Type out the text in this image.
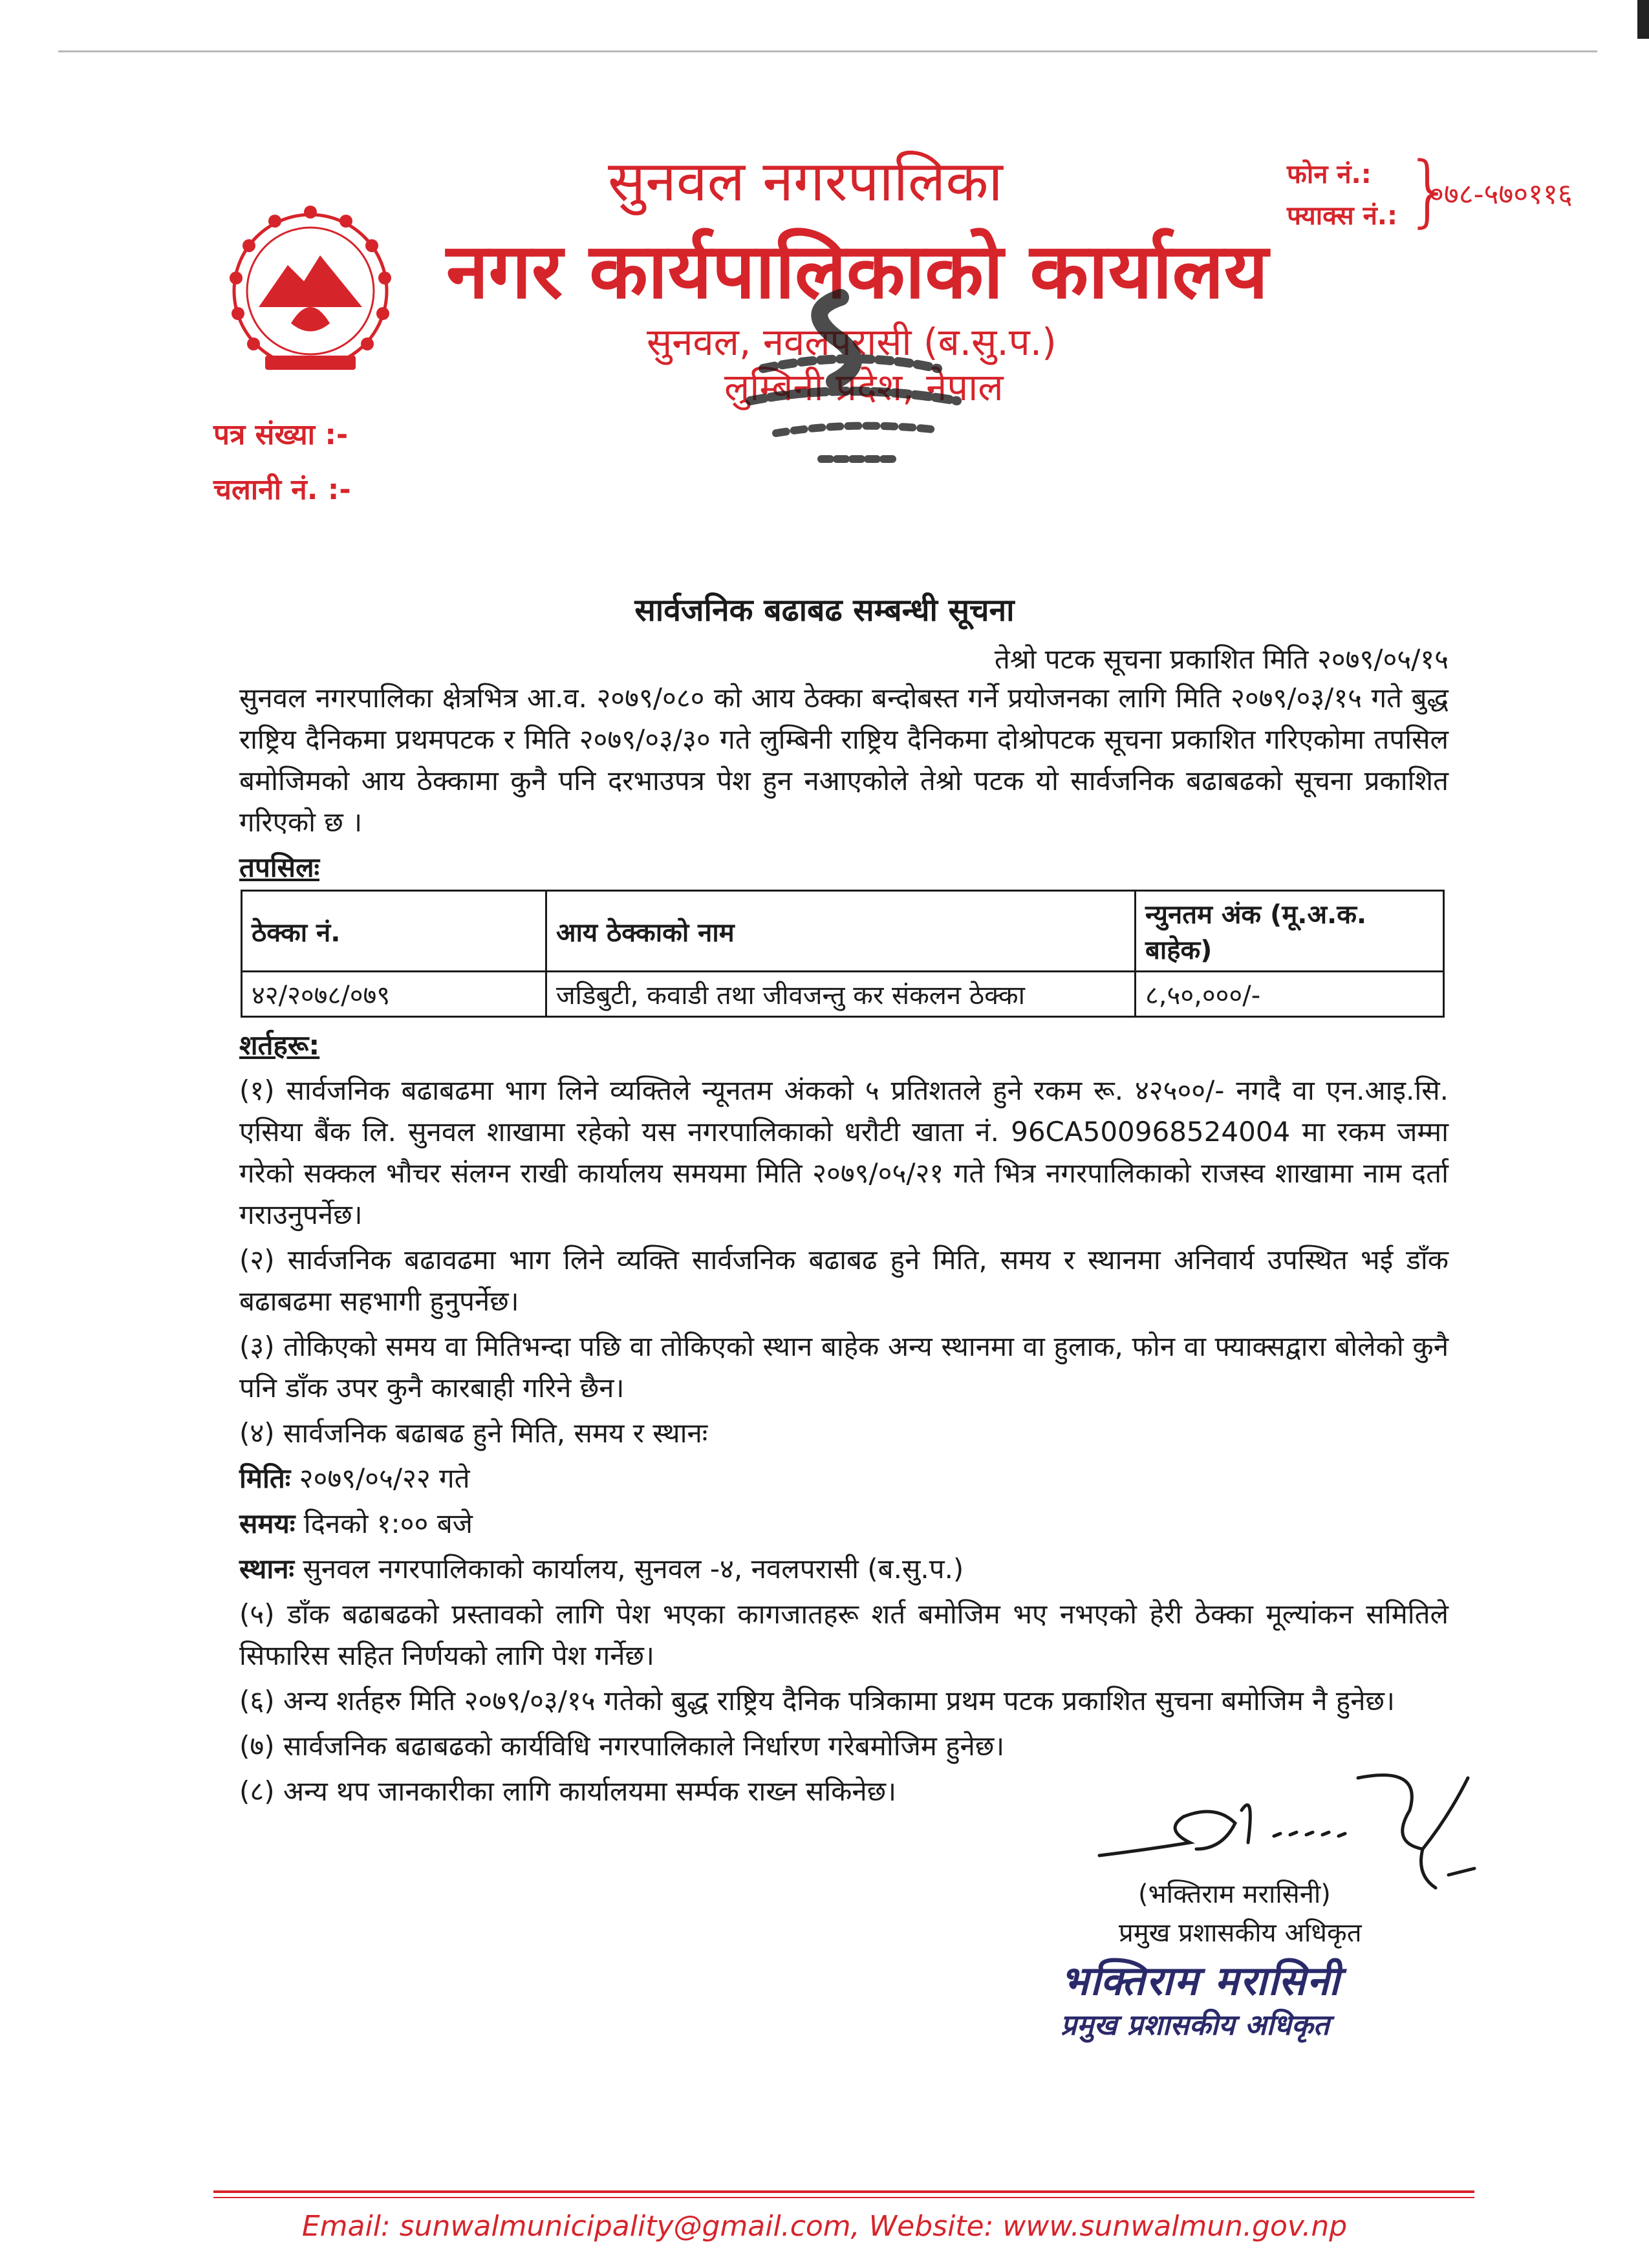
सुनवल नगरपालिका
नगर कार्यपालिकाको कार्यालय
सुनवल, नवलपरासी (ब.सु.प.)
लुम्बिनी प्रदेश, नेपाल
फोन नं.:
फ्याक्स नं.: }
०७८-५७०११६
पत्र संख्या :-
चलानी नं. :-
सार्वजनिक बढाबढ सम्बन्धी सूचना
तेश्रो पटक सूचना प्रकाशित मिति २०७९/०५/१५
सुनवल नगरपालिका क्षेत्रभित्र आ.व. २०७९/०८० को आय ठेक्का बन्दोबस्त गर्ने प्रयोजनका लागि मिति २०७९/०३/१५ गते बुद्ध राष्ट्रिय दैनिकमा प्रथमपटक र मिति २०७९/०३/३० गते लुम्बिनी राष्ट्रिय दैनिकमा दोश्रोपटक सूचना प्रकाशित गरिएकोमा तपसिल बमोजिमको आय ठेक्कामा कुनै पनि दरभाउपत्र पेश हुन नआएकोले तेश्रो पटक यो सार्वजनिक बढाबढको सूचना प्रकाशित गरिएको छ ।
तपसिलः
ठेक्का नं.	आय ठेक्काको नाम	न्युनतम अंक (मू.अ.क. बाहेक)
४२/२०७८/०७९	जडिबुटी, कवाडी तथा जीवजन्तु कर संकलन ठेक्का	८,५०,०००/-

शर्तहरू:

(१) सार्वजनिक बढाबढमा भाग लिने व्यक्तिले न्यूनतम अंकको ५ प्रतिशतले हुने रकम रू. ४२५००/- नगदै वा एन.आइ.सि. एसिया बैंक लि. सुनवल शाखामा रहेको यस नगरपालिकाको धरौटी खाता नं. 96CA500968524004 मा रकम जम्मा गरेको सक्कल भौचर संलग्न राखी कार्यालय समयमा मिति २०७९/०५/२१ गते भित्र नगरपालिकाको राजस्व शाखामा नाम दर्ता गराउनुपर्नेछ।

(२) सार्वजनिक बढावढमा भाग लिने व्यक्ति सार्वजनिक बढाबढ हुने मिति, समय र स्थानमा अनिवार्य उपस्थित भई डाँक बढाबढमा सहभागी हुनुपर्नेछ।

(३) तोकिएको समय वा मितिभन्दा पछि वा तोकिएको स्थान बाहेक अन्य स्थानमा वा हुलाक, फोन वा फ्याक्सद्वारा बोलेको कुनै पनि डाँक उपर कुनै कारबाही गरिने छैन।

(४) सार्वजनिक बढाबढ हुने मिति, समय र स्थानः

मितिः २०७९/०५/२२ गते

समयः दिनको १:०० बजे

स्थानः सुनवल नगरपालिकाको कार्यालय, सुनवल -४, नवलपरासी (ब.सु.प.)

(५) डाँक बढाबढको प्रस्तावको लागि पेश भएका कागजातहरू शर्त बमोजिम भए नभएको हेरी ठेक्का मूल्यांकन समितिले सिफारिस सहित निर्णयको लागि पेश गर्नेछ।

(६) अन्य शर्तहरु मिति २०७९/०३/१५ गतेको बुद्ध राष्ट्रिय दैनिक पत्रिकामा प्रथम पटक प्रकाशित सुचना बमोजिम नै हुनेछ।

(७) सार्वजनिक बढाबढको कार्यविधि नगरपालिकाले निर्धारण गरेबमोजिम हुनेछ।

(८) अन्य थप जानकारीका लागि कार्यालयमा सर्म्पक राख्न सकिनेछ।

(भक्तिराम मरासिनी)
प्रमुख प्रशासकीय अधिकृत
भक्तिराम मरासिनी
प्रमुख प्रशासकीय अधिकृत
Email: sunwalmunicipality@gmail.com, Website: www.sunwalmun.gov.np
